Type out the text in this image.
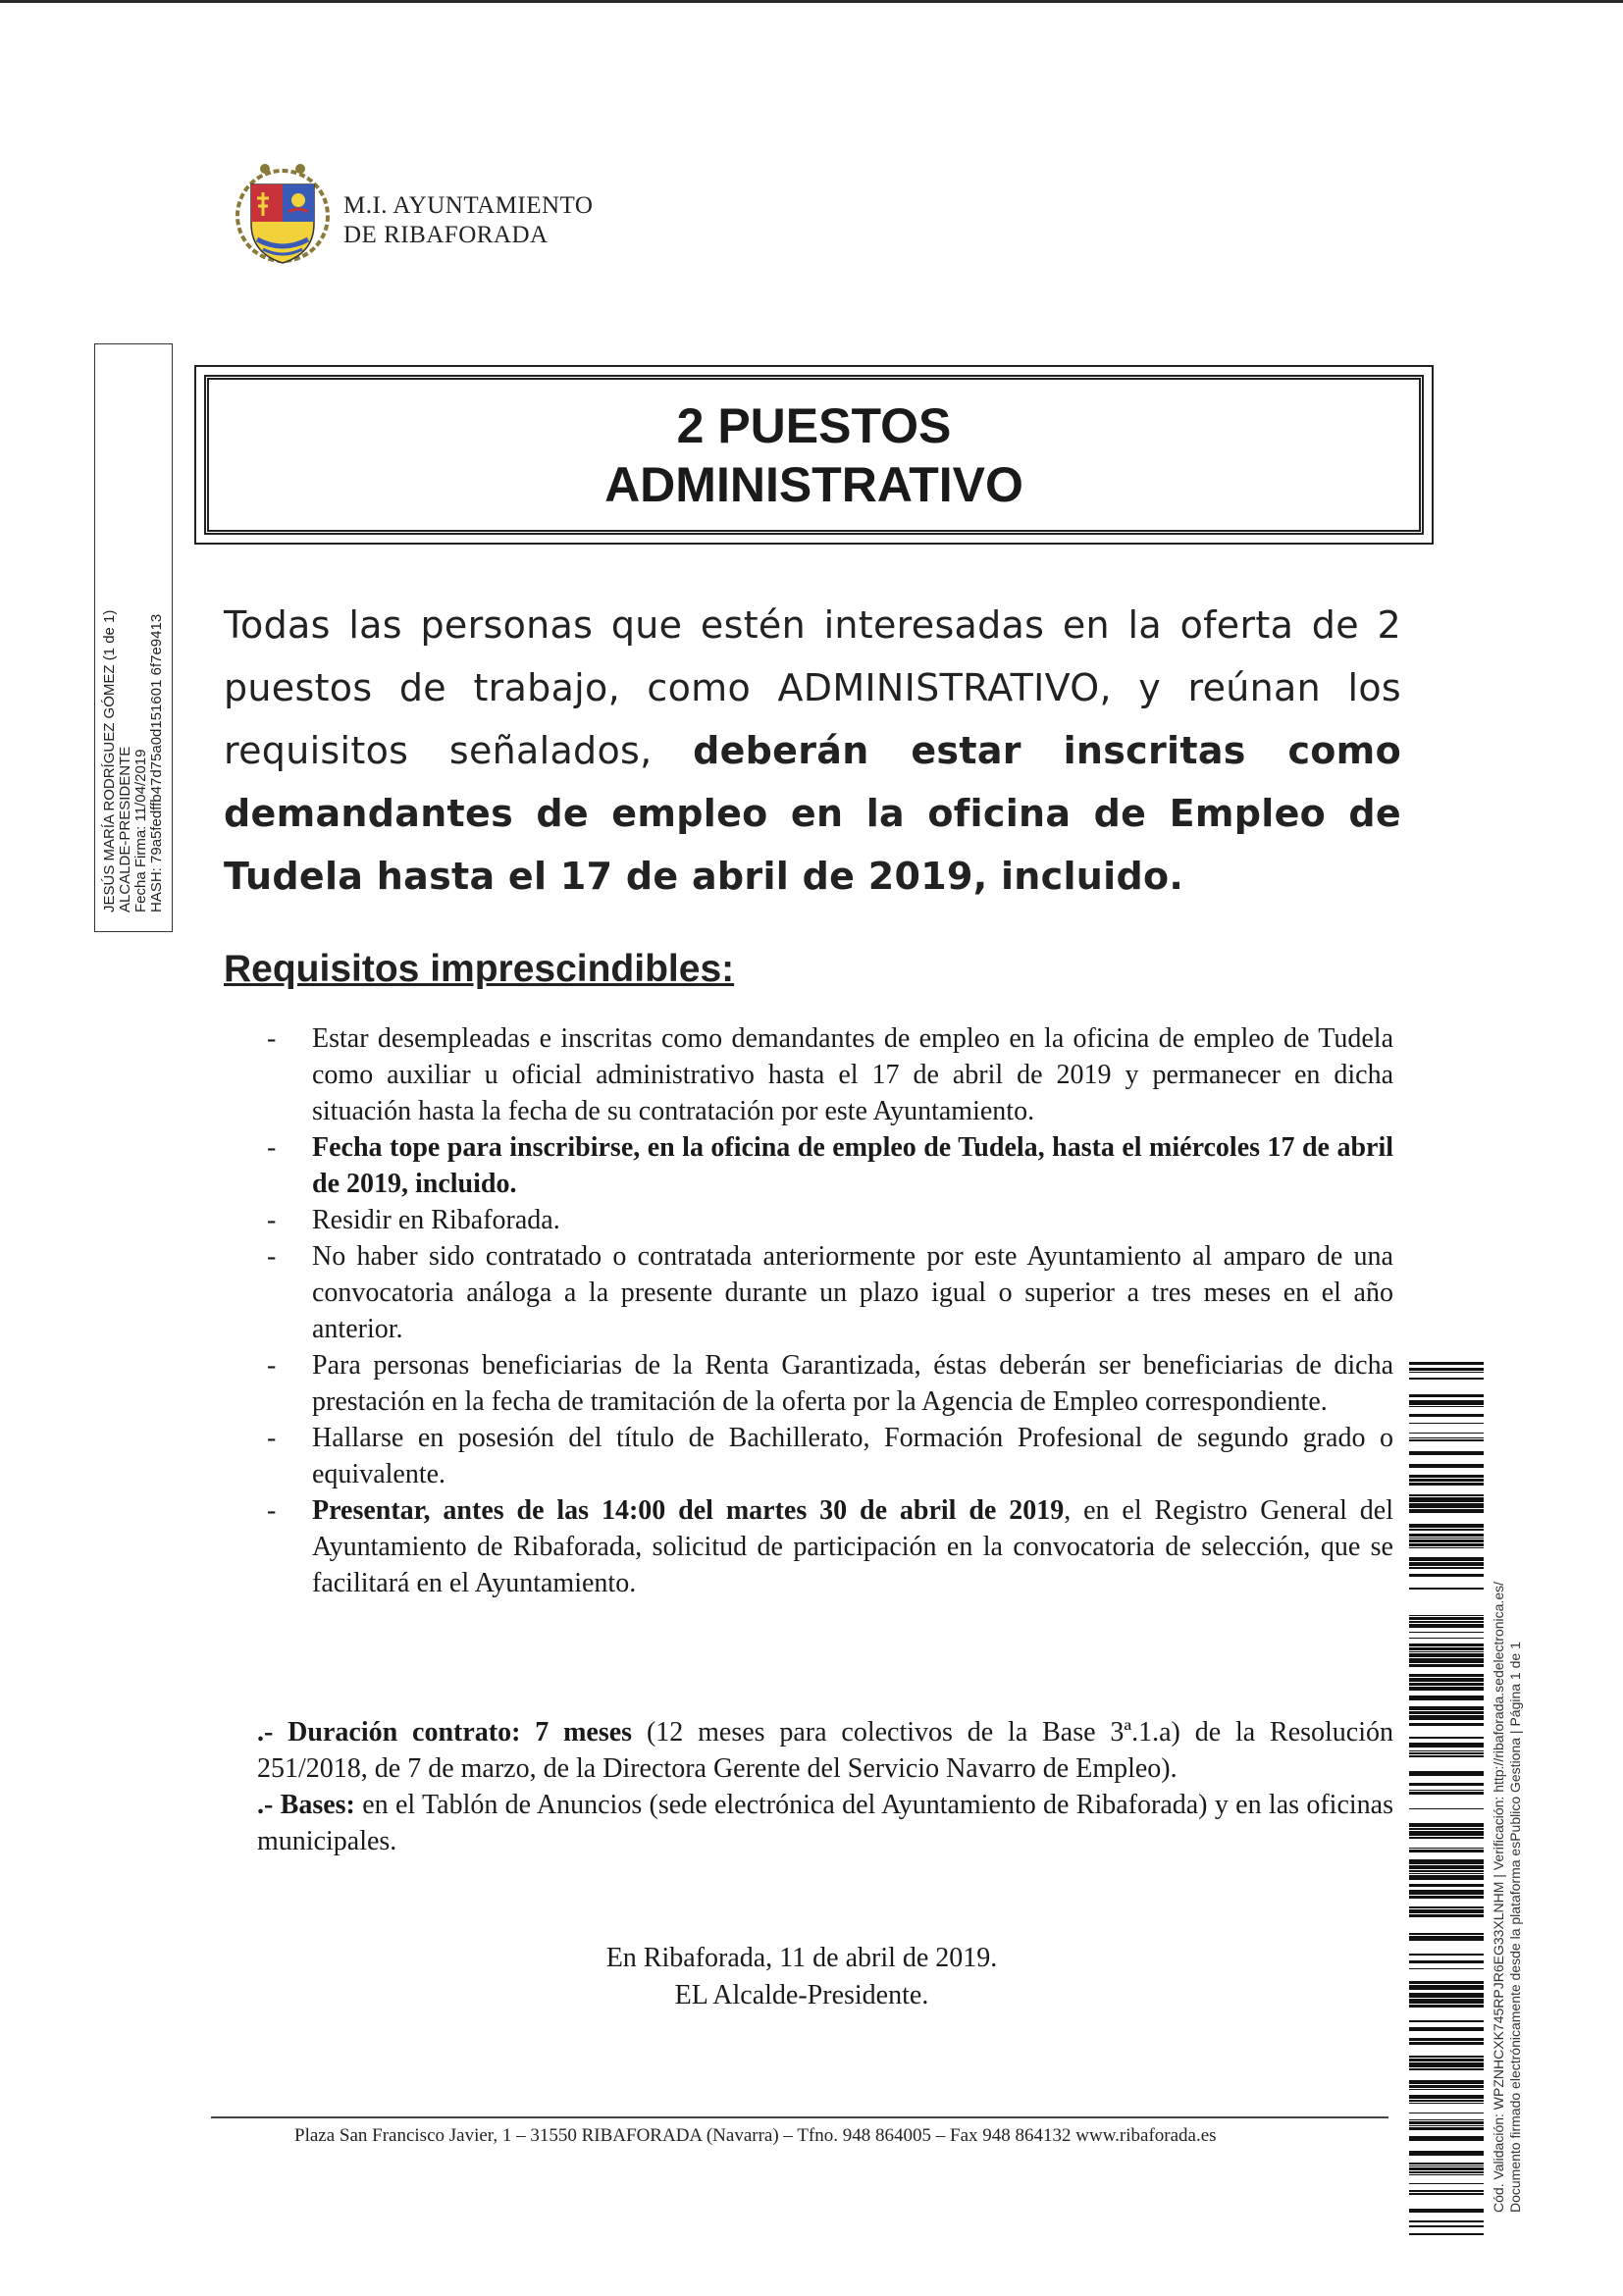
M.I. AYUNTAMIENTO
DE RIBAFORADA
JESÚS MARÍA RODRÍGUEZ GÓMEZ (1 de 1) ALCALDE-PRESIDENTE Fecha Firma: 11/04/2019 HASH: 79a5fedffb47d75a0d151601 6f7e9413
2 PUESTOS
ADMINISTRATIVO
Todas las personas que estén interesadas en la oferta de 2 puestos de trabajo, como ADMINISTRATIVO, y reúnan los requisitos señalados, deberán estar inscritas como demandantes de empleo en la oficina de Empleo de Tudela hasta el 17 de abril de 2019, incluido.
Requisitos imprescindibles:
- Estar desempleadas e inscritas como demandantes de empleo en la oficina de empleo de Tudela como auxiliar u oficial administrativo hasta el 17 de abril de 2019 y permanecer en dicha situación hasta la fecha de su contratación por este Ayuntamiento.
- Fecha tope para inscribirse, en la oficina de empleo de Tudela, hasta el miércoles 17 de abril de 2019, incluido.
- Residir en Ribaforada.
- No haber sido contratado o contratada anteriormente por este Ayuntamiento al amparo de una convocatoria análoga a la presente durante un plazo igual o superior a tres meses en el año anterior.
- Para personas beneficiarias de la Renta Garantizada, éstas deberán ser beneficiarias de dicha prestación en la fecha de tramitación de la oferta por la Agencia de Empleo correspondiente.
- Hallarse en posesión del título de Bachillerato, Formación Profesional de segundo grado o equivalente.
- Presentar, antes de las 14:00 del martes 30 de abril de 2019, en el Registro General del Ayuntamiento de Ribaforada, solicitud de participación en la convocatoria de selección, que se facilitará en el Ayuntamiento.

.- Duración contrato: 7 meses (12 meses para colectivos de la Base 3ª.1.a) de la Resolución 251/2018, de 7 de marzo, de la Directora Gerente del Servicio Navarro de Empleo).

.- Bases: en el Tablón de Anuncios (sede electrónica del Ayuntamiento de Ribaforada) y en las oficinas municipales.

En Ribaforada, 11 de abril de 2019.
EL Alcalde-Presidente.
Plaza San Francisco Javier, 1 – 31550 RIBAFORADA (Navarra) – Tfno. 948 864005 – Fax 948 864132 www.ribaforada.es	Cód. Validación: WPZNHCXK745RPJR6EG33XLNHM | Verificación: http://ribaforada.sedelectronica.es/ Documento firmado electrónicamente desde la plataforma esPublico Gestiona | Página 1 de 1
